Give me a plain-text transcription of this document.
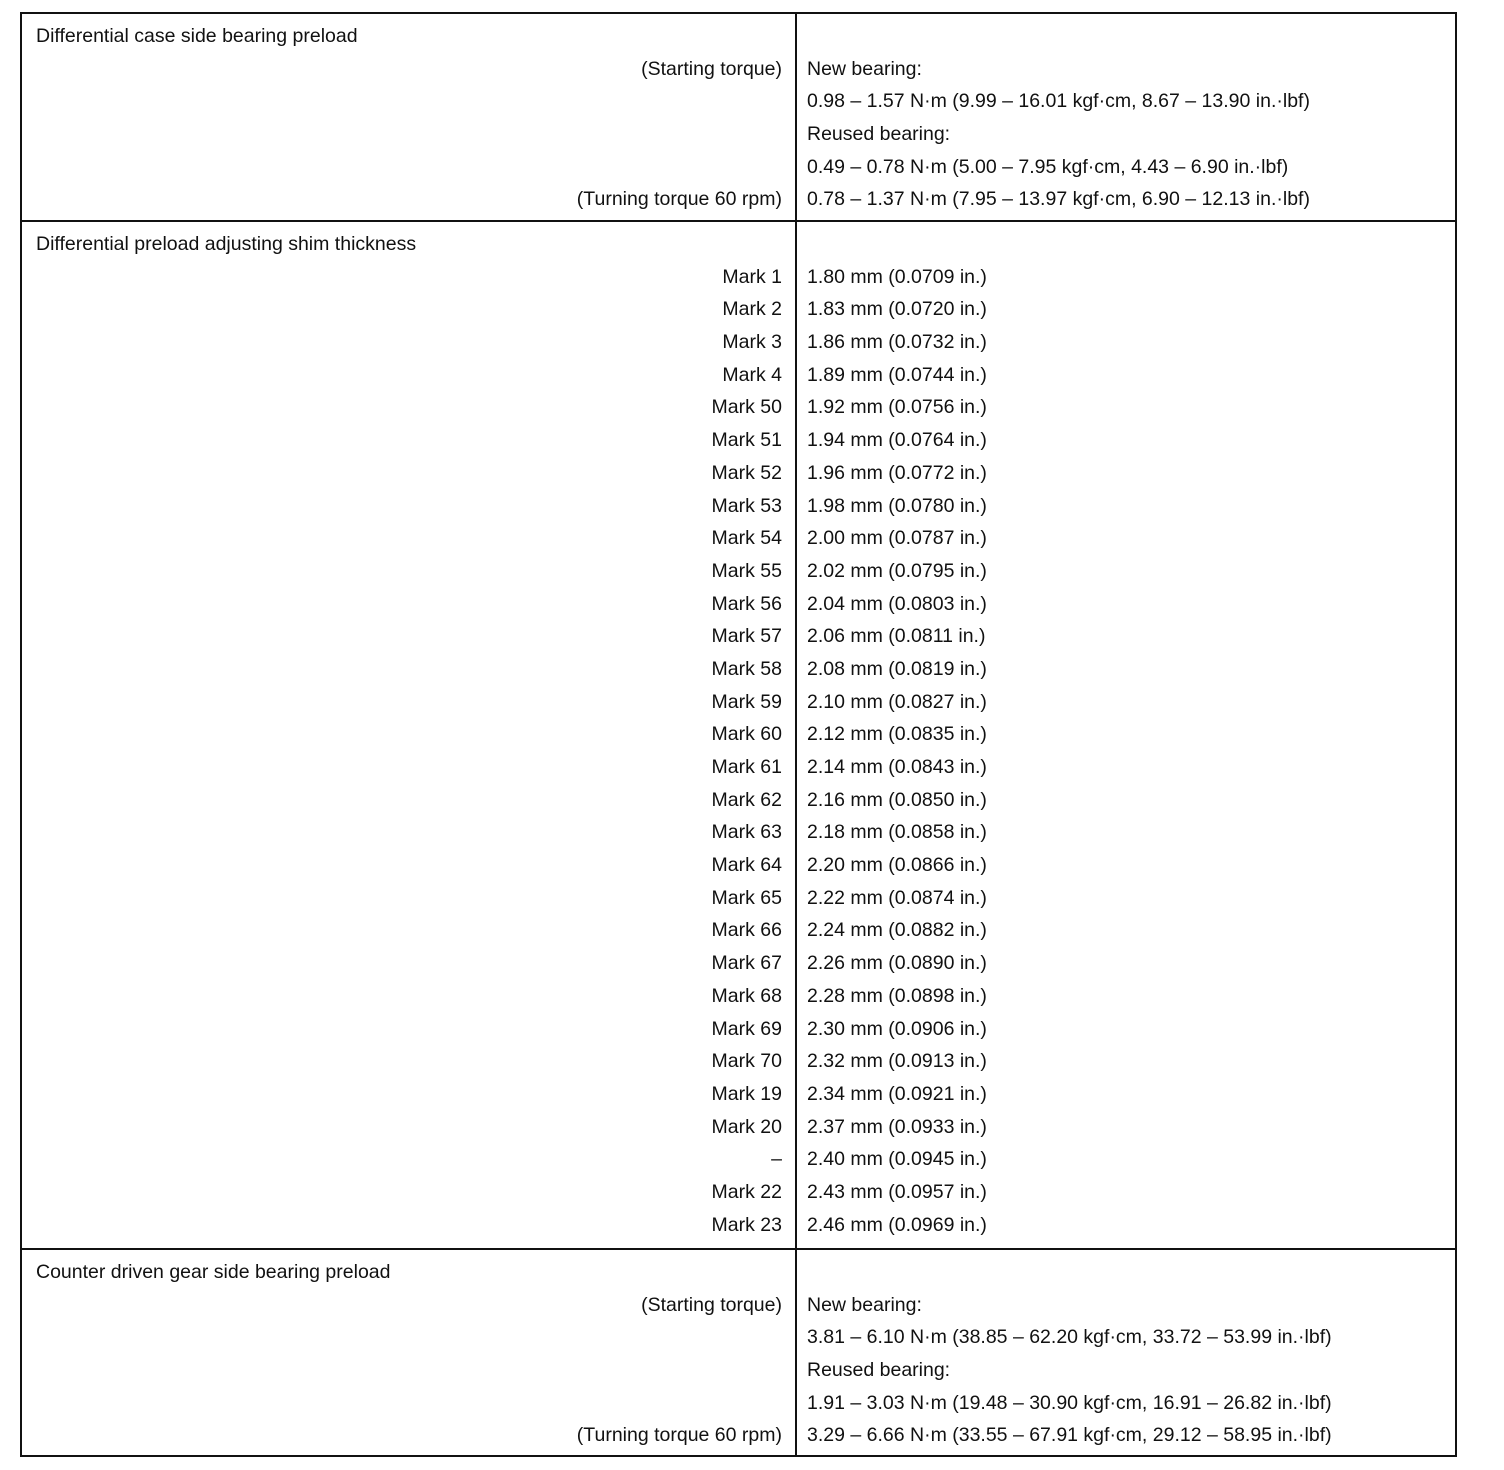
Differential case side bearing preload
(Starting torque)
(Turning torque 60 rpm)
New bearing:
0.98 – 1.57 N·m (9.99 – 16.01 kgf·cm, 8.67 – 13.90 in.·lbf)
Reused bearing:
0.49 – 0.78 N·m (5.00 – 7.95 kgf·cm, 4.43 – 6.90 in.·lbf)
0.78 – 1.37 N·m (7.95 – 13.97 kgf·cm, 6.90 – 12.13 in.·lbf)
Differential preload adjusting shim thickness
Mark 1
Mark 2
Mark 3
Mark 4
Mark 50
Mark 51
Mark 52
Mark 53
Mark 54
Mark 55
Mark 56
Mark 57
Mark 58
Mark 59
Mark 60
Mark 61
Mark 62
Mark 63
Mark 64
Mark 65
Mark 66
Mark 67
Mark 68
Mark 69
Mark 70
Mark 19
Mark 20
–
Mark 22
Mark 23
1.80 mm (0.0709 in.)
1.83 mm (0.0720 in.)
1.86 mm (0.0732 in.)
1.89 mm (0.0744 in.)
1.92 mm (0.0756 in.)
1.94 mm (0.0764 in.)
1.96 mm (0.0772 in.)
1.98 mm (0.0780 in.)
2.00 mm (0.0787 in.)
2.02 mm (0.0795 in.)
2.04 mm (0.0803 in.)
2.06 mm (0.0811 in.)
2.08 mm (0.0819 in.)
2.10 mm (0.0827 in.)
2.12 mm (0.0835 in.)
2.14 mm (0.0843 in.)
2.16 mm (0.0850 in.)
2.18 mm (0.0858 in.)
2.20 mm (0.0866 in.)
2.22 mm (0.0874 in.)
2.24 mm (0.0882 in.)
2.26 mm (0.0890 in.)
2.28 mm (0.0898 in.)
2.30 mm (0.0906 in.)
2.32 mm (0.0913 in.)
2.34 mm (0.0921 in.)
2.37 mm (0.0933 in.)
2.40 mm (0.0945 in.)
2.43 mm (0.0957 in.)
2.46 mm (0.0969 in.)
Counter driven gear side bearing preload
(Starting torque)
(Turning torque 60 rpm)
New bearing:
3.81 – 6.10 N·m (38.85 – 62.20 kgf·cm, 33.72 – 53.99 in.·lbf)
Reused bearing:
1.91 – 3.03 N·m (19.48 – 30.90 kgf·cm, 16.91 – 26.82 in.·lbf)
3.29 – 6.66 N·m (33.55 – 67.91 kgf·cm, 29.12 – 58.95 in.·lbf)
